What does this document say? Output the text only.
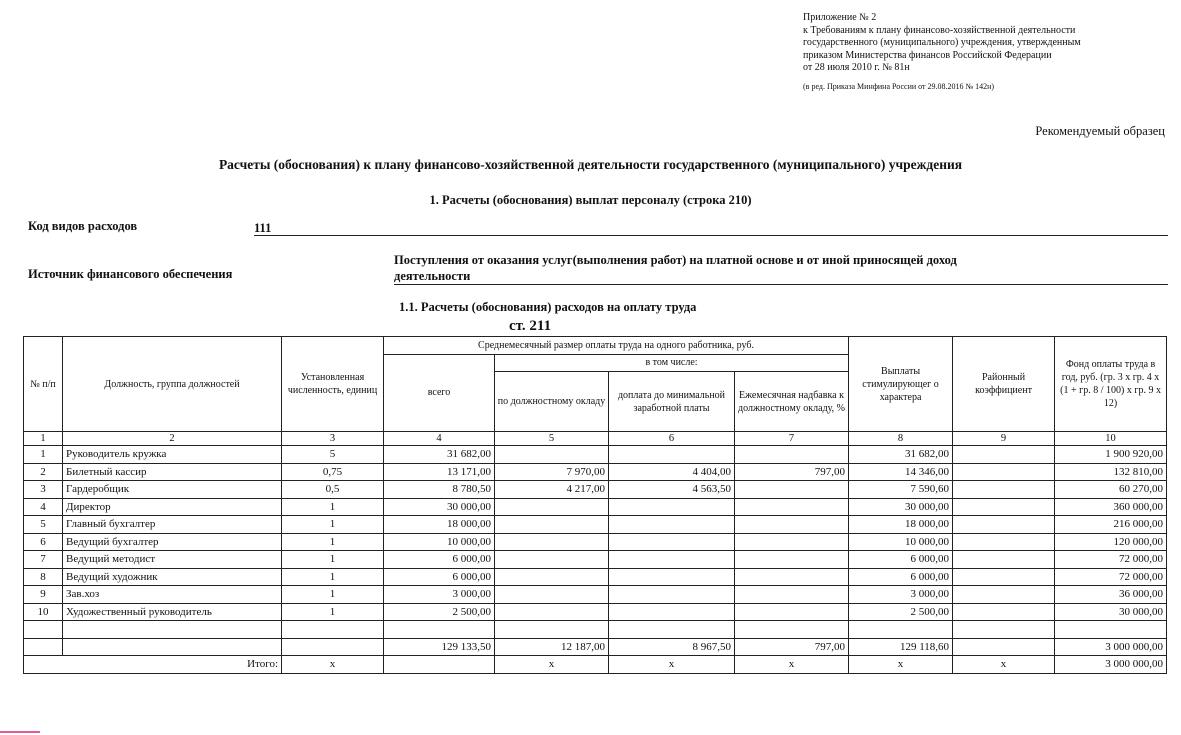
Приложение № 2
к Требованиям к плану финансово-хозяйственной деятельности
государственного (муниципального) учреждения, утвержденным
приказом Министерства финансов Российской Федерации
от 28 июля 2010 г. № 81н
(в ред. Приказа Минфина России от 29.08.2016 № 142н)
Рекомендуемый образец
Расчеты (обоснования) к плану финансово-хозяйственной деятельности государственного (муниципального) учреждения
1. Расчеты (обоснования) выплат персоналу (строка 210)
Код видов расходов	111
Источник финансового обеспечения
Поступления от оказания услуг(выполнения работ) на платной основе и от иной приносящей доход
деятельности
1.1. Расчеты (обоснования) расходов на оплату труда
ст. 211
№ п/п	Должность, группа должностей	Установленная численность, единиц	Среднемесячный размер оплаты труда на одного работника, руб.				Выплаты стимулирующег о характера	Районный коэффициент	Фонд оплаты труда в год, руб. (гр. 3 х гр. 4 х (1 + гр. 8 / 100) х гр. 9 х 12)
			всего	в том числе:					
				по должностному окладу	доплата до минимальной заработной платы	Ежемесячная надбавка к должностному окладу, %			
1	2	3	4	5	6	7	8	9	10
1	Руководитель кружка	5	31 682,00				31 682,00		1 900 920,00
2	Билетный кассир	0,75	13 171,00	7 970,00	4 404,00	797,00	14 346,00		132 810,00
3	Гардеробщик	0,5	8 780,50	4 217,00	4 563,50		7 590,60		60 270,00
4	Директор	1	30 000,00				30 000,00		360 000,00
5	Главный бухгалтер	1	18 000,00				18 000,00		216 000,00
6	Ведущий бухгалтер	1	10 000,00				10 000,00		120 000,00
7	Ведущий методист	1	6 000,00				6 000,00		72 000,00
8	Ведущий художник	1	6 000,00				6 000,00		72 000,00
9	Зав.хоз	1	3 000,00				3 000,00		36 000,00
10	Художественный руководитель	1	2 500,00				2 500,00		30 000,00

			129 133,50	12 187,00	8 967,50	797,00	129 118,60		3 000 000,00
Итого:		x		x	x	x	x	x	3 000 000,00
